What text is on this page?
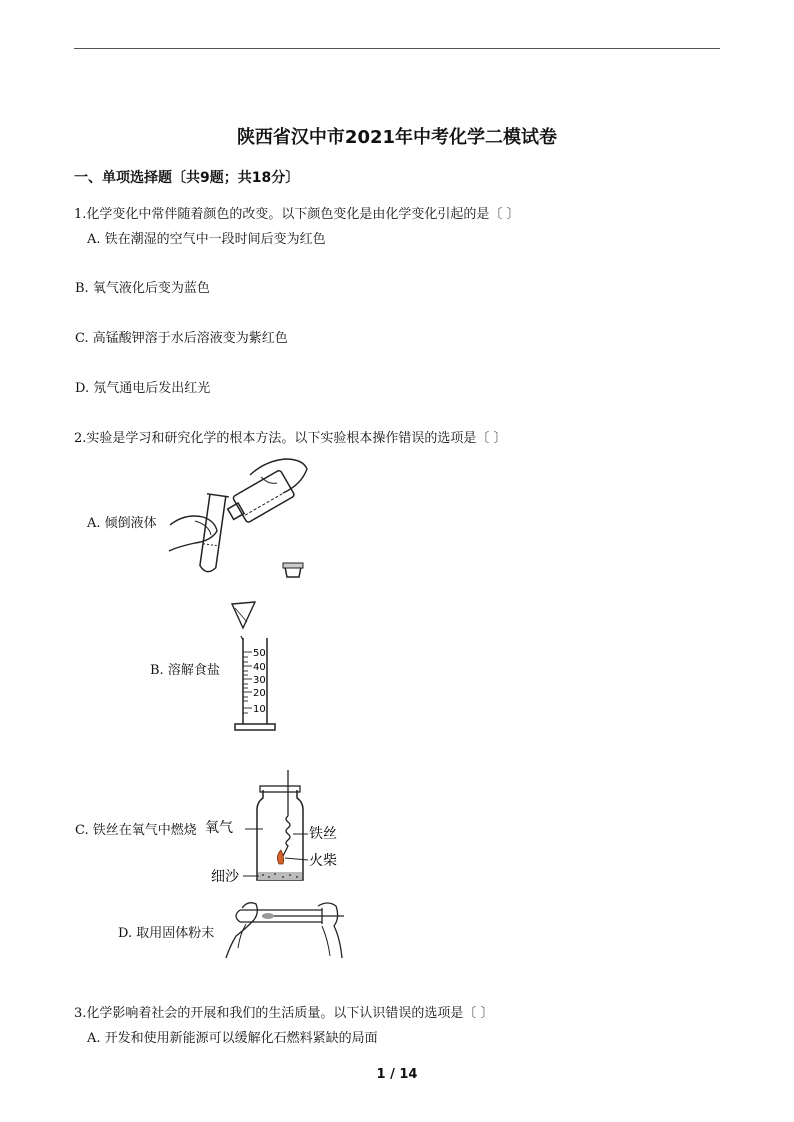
陕西省汉中市2021年中考化学二模试卷
一、单项选择题〔共9题；共18分〕
1.化学变化中常伴随着颜色的改变。以下颜色变化是由化学变化引起的是〔 〕
A. 铁在潮湿的空气中一段时间后变为红色
B. 氧气液化后变为蓝色
C. 高锰酸钾溶于水后溶液变为紫红色
D. 氖气通电后发出红光
2.实验是学习和研究化学的根本方法。以下实验根本操作错误的选项是〔 〕
A. 倾倒液体
B. 溶解食盐
50
40
30
20
10
C. 铁丝在氧气中燃烧 氧气	铁丝
火柴
细沙
D. 取用固体粉末
3.化学影响着社会的开展和我们的生活质量。以下认识错误的选项是〔 〕
A. 开发和使用新能源可以缓解化石燃料紧缺的局面
1 / 14
